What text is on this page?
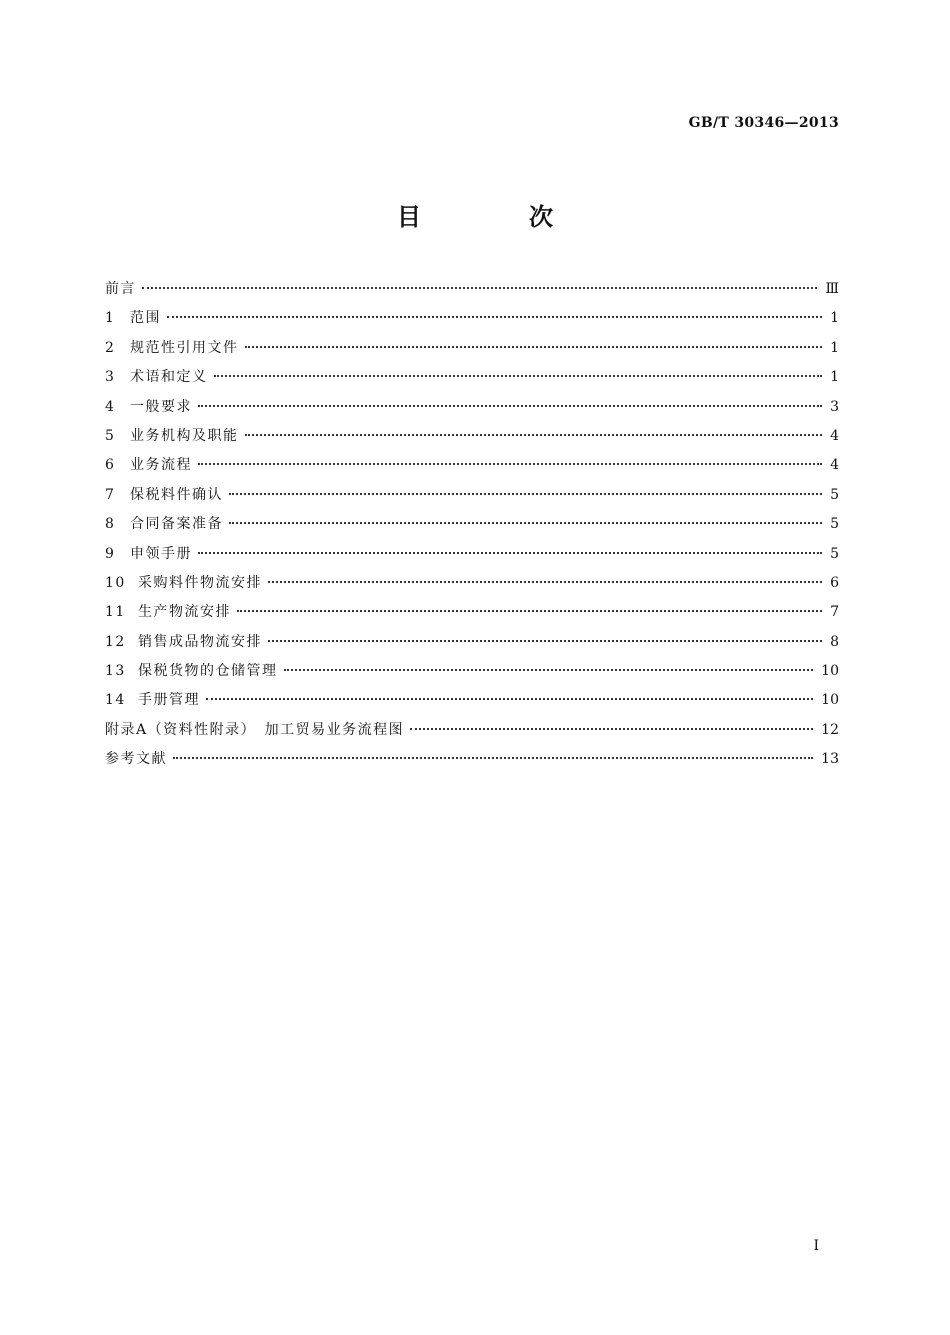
GB/T 30346—2013
目　次
前言	Ⅲ
1	范围	1
2	规范性引用文件	1
3	术语和定义	1
4	一般要求	3
5	业务机构及职能	4
6	业务流程	4
7	保税料件确认	5
8	合同备案准备	5
9	申领手册	5
10 采购料件物流安排	6
11 生产物流安排	7
12 销售成品物流安排	8
13 保税货物的仓储管理	10
14 手册管理	10
附录A（资料性附录）　加工贸易业务流程图	12
参考文献	13
I
